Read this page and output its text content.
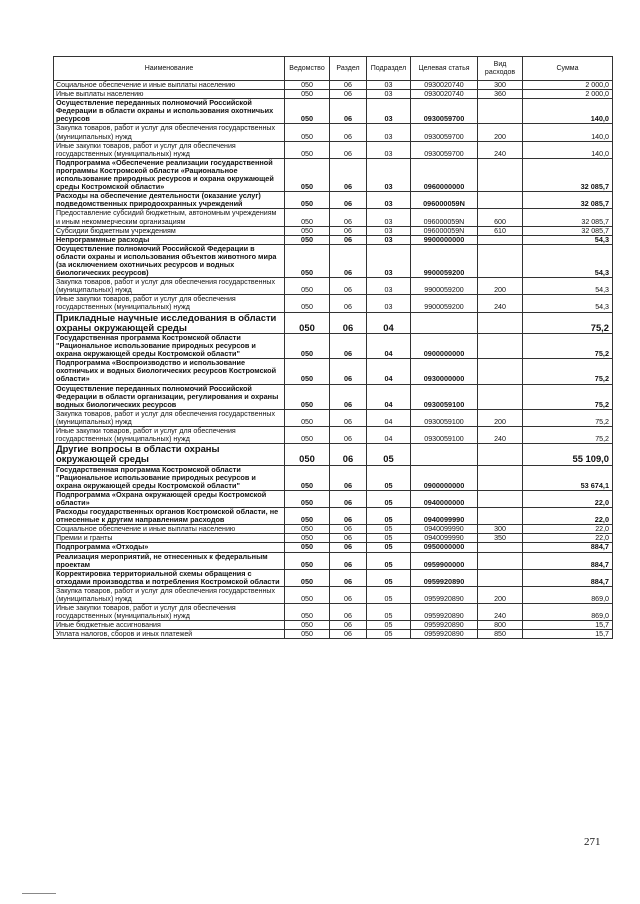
Наименование	Ведомство	Раздел	Подраздел	Целевая статья	Вид расходов	Сумма
Социальное обеспечение и иные выплаты населению	050	06	03	0930020740	300	2 000,0
Иные выплаты населению	050	06	03	0930020740	360	2 000,0
Осуществление переданных полномочий Российской Федерации в области охраны и использования охотничьих ресурсов	050	06	03	0930059700		140,0
Закупка товаров, работ и услуг для обеспечения государственных (муниципальных) нужд	050	06	03	0930059700	200	140,0
Иные закупки товаров, работ и услуг для обеспечения государственных (муниципальных) нужд	050	06	03	0930059700	240	140,0
Подпрограмма «Обеспечение реализации государственной программы Костромской области «Рациональное использование природных ресурсов и охрана окружающей среды Костромской области»	050	06	03	0960000000		32 085,7
Расходы на обеспечение деятельности (оказание услуг) подведомственных природоохранных учреждений	050	06	03	096000059N		32 085,7
Предоставление субсидий бюджетным, автономным учреждениям и иным некоммерческим организациям	050	06	03	096000059N	600	32 085,7
Субсидии бюджетным учреждениям	050	06	03	096000059N	610	32 085,7
Непрограммные расходы	050	06	03	9900000000		54,3
Осуществление полномочий Российской Федерации в области охраны и использования объектов животного мира (за исключением охотничьих ресурсов и водных биологических ресурсов)	050	06	03	9900059200		54,3
Закупка товаров, работ и услуг для обеспечения государственных (муниципальных) нужд	050	06	03	9900059200	200	54,3
Иные закупки товаров, работ и услуг для обеспечения государственных (муниципальных) нужд	050	06	03	9900059200	240	54,3
Прикладные научные исследования в области охраны окружающей среды	050	06	04			75,2
Государственная программа Костромской области "Рациональное использование природных ресурсов и охрана окружающей среды Костромской области"	050	06	04	0900000000		75,2
Подпрограмма «Воспроизводство и использование охотничьих и водных биологических ресурсов Костромской области»	050	06	04	0930000000		75,2
Осуществление переданных полномочий Российской Федерации в области организации, регулирования и охраны водных биологических ресурсов	050	06	04	0930059100		75,2
Закупка товаров, работ и услуг для обеспечения государственных (муниципальных) нужд	050	06	04	0930059100	200	75,2
Иные закупки товаров, работ и услуг для обеспечения государственных (муниципальных) нужд	050	06	04	0930059100	240	75,2
Другие вопросы в области охраны окружающей среды	050	06	05			55 109,0
Государственная программа Костромской области "Рациональное использование природных ресурсов и охрана окружающей среды Костромской области"	050	06	05	0900000000		53 674,1
Подпрограмма «Охрана окружающей среды Костромской области»	050	06	05	0940000000		22,0
Расходы государственных органов Костромской области, не отнесенные к другим направлениям расходов	050	06	05	0940099990		22,0
Социальное обеспечение и иные выплаты населению	050	06	05	0940099990	300	22,0
Премии и гранты	050	06	05	0940099990	350	22,0
Подпрограмма «Отходы»	050	06	05	0950000000		884,7
Реализация мероприятий, не отнесенных к федеральным проектам	050	06	05	0959900000		884,7
Корректировка территориальной схемы обращения с отходами производства и потребления Костромской области	050	06	05	0959920890		884,7
Закупка товаров, работ и услуг для обеспечения государственных (муниципальных) нужд	050	06	05	0959920890	200	869,0
Иные закупки товаров, работ и услуг для обеспечения государственных (муниципальных) нужд	050	06	05	0959920890	240	869,0
Иные бюджетные ассигнования	050	06	05	0959920890	800	15,7
Уплата налогов, сборов и иных платежей	050	06	05	0959920890	850	15,7
271
